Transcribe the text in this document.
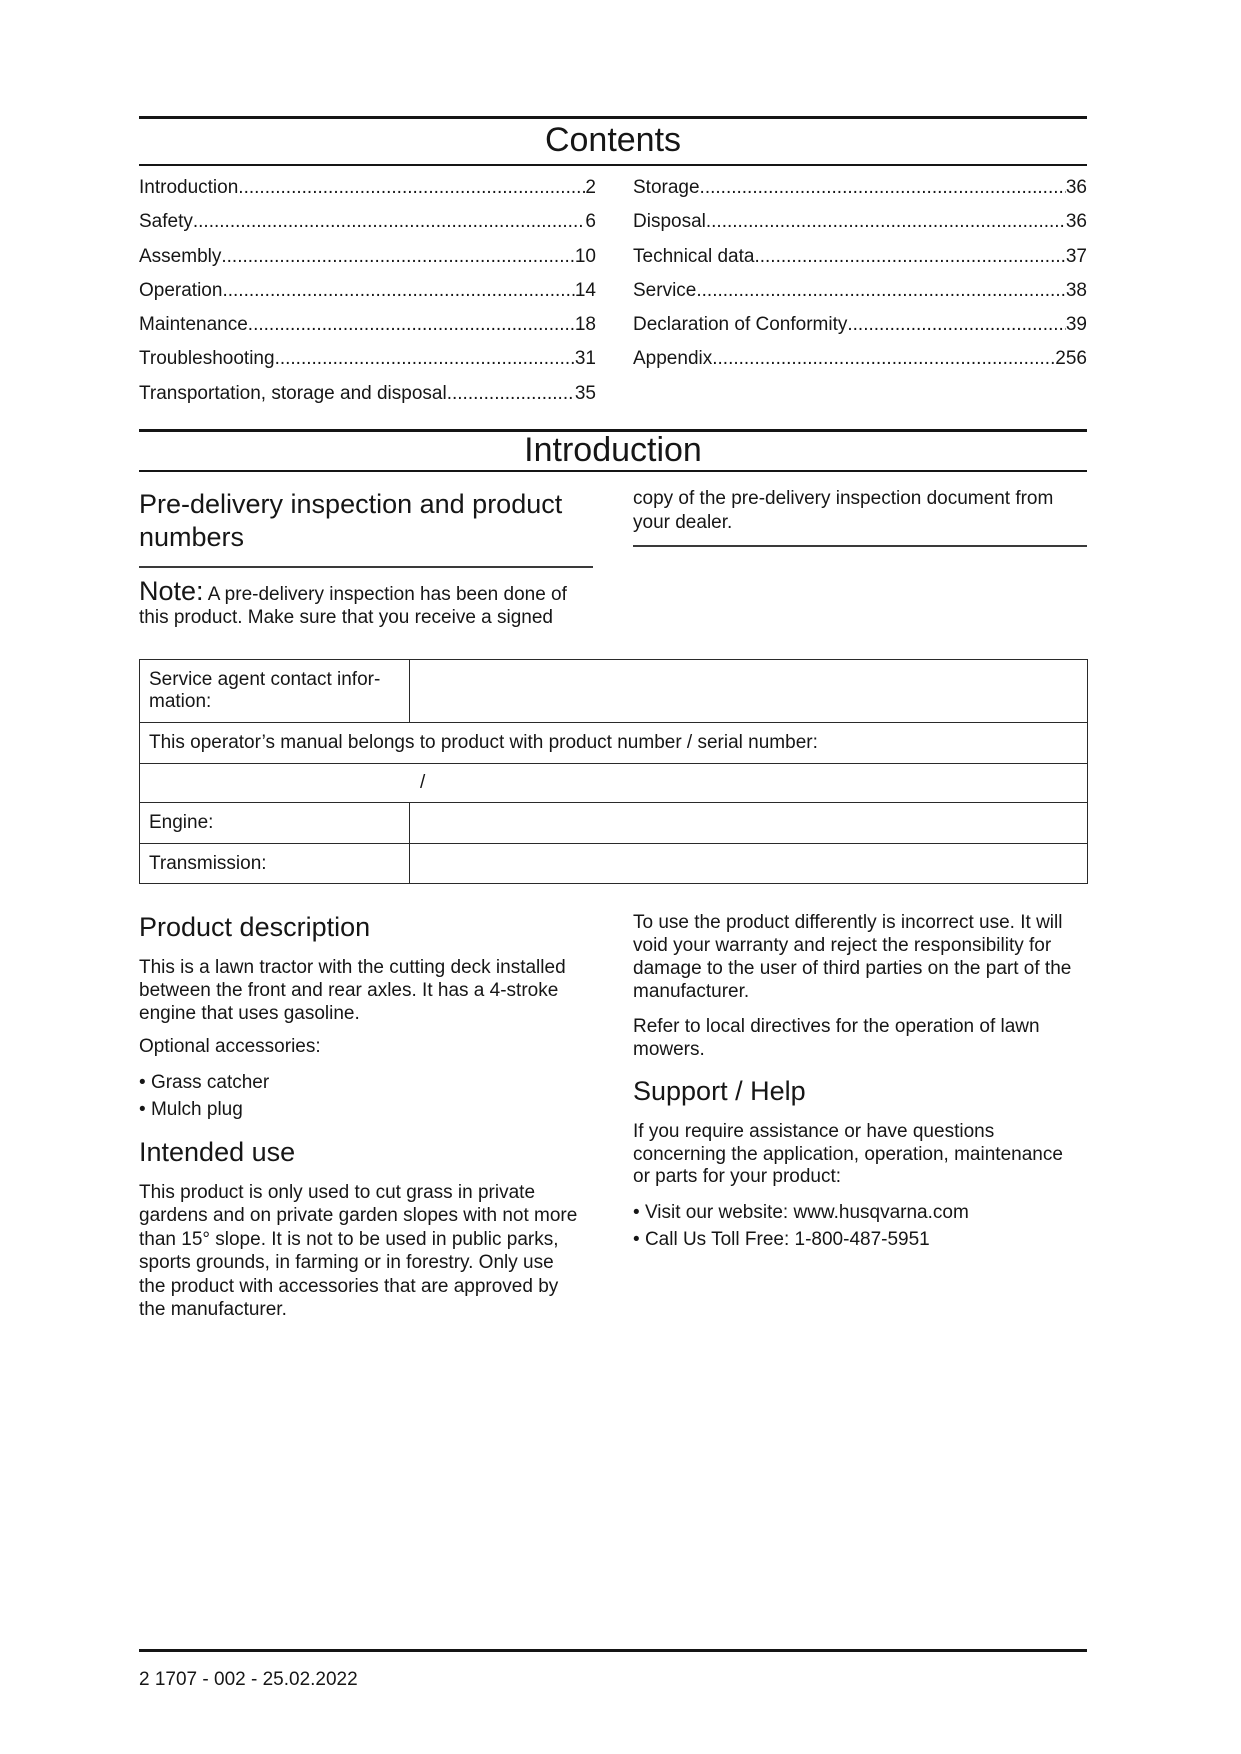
Contents
Introduction .....	2
Safety .....	6
Assembly .....	10
Operation .....	14
Maintenance .....	18
Troubleshooting .....	31
Transportation, storage and disposal .....	35
Storage .....	36
Disposal .....	36
Technical data .....	37
Service .....	38
Declaration of Conformity .....	39
Appendix .....	256
Introduction
Pre-delivery inspection and product
numbers
Note: A pre-delivery inspection has been done of
this product. Make sure that you receive a signed
copy of the pre-delivery inspection document from
your dealer.
Service agent contact infor-
mation:	

This operator’s manual belongs to product with product number / serial number:	
/	
Engine:	
Transmission:	
Product description
This is a lawn tractor with the cutting deck installed
between the front and rear axles. It has a 4-stroke
engine that uses gasoline.
Optional accessories:
• Grass catcher
• Mulch plug
Intended use
This product is only used to cut grass in private
gardens and on private garden slopes with not more
than 15° slope. It is not to be used in public parks,
sports grounds, in farming or in forestry. Only use
the product with accessories that are approved by
the manufacturer.
To use the product differently is incorrect use. It will
void your warranty and reject the responsibility for
damage to the user of third parties on the part of the
manufacturer.
Refer to local directives for the operation of lawn
mowers.
Support / Help
If you require assistance or have questions
concerning the application, operation, maintenance
or parts for your product:
• Visit our website: www.husqvarna.com
• Call Us Toll Free: 1-800-487-5951
2 1707 - 002 - 25.02.2022
